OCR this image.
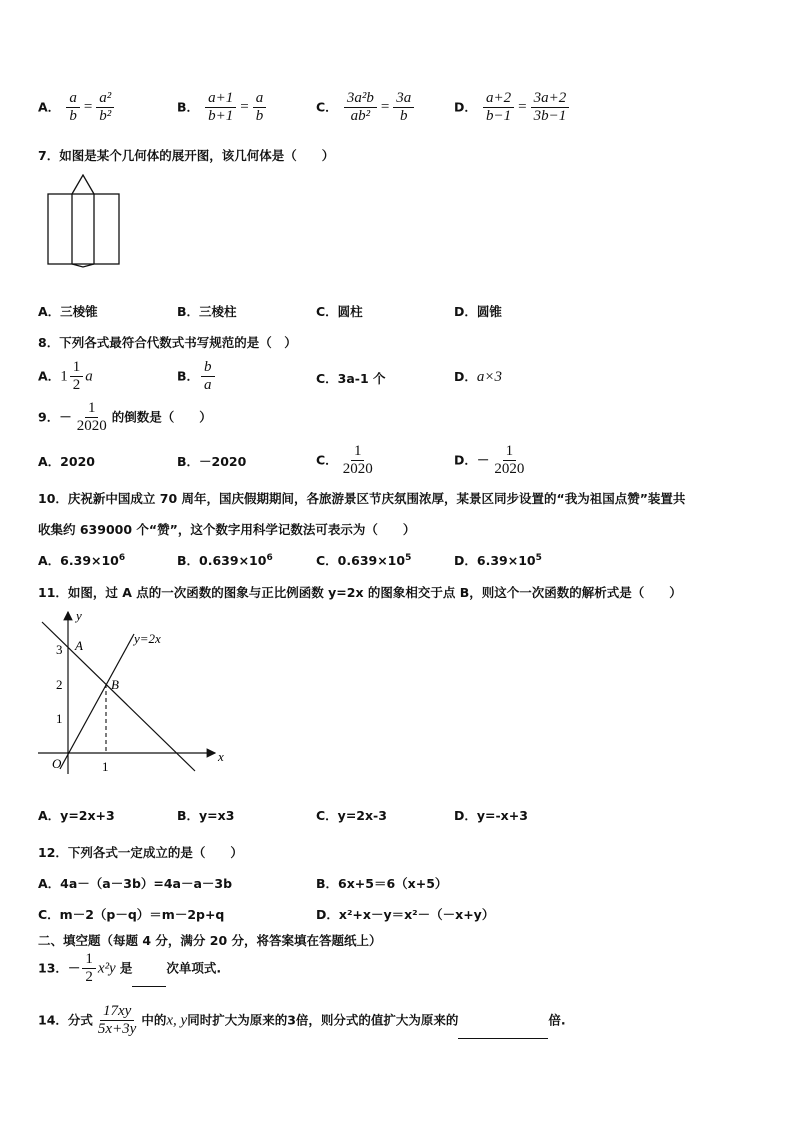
A． $\frac{a}{b} = \frac{\text{a²}}{\text{b²}}$	B． $\frac{a+1}{b+1} = \frac{a}{b}$	C． $\frac{\text{3a²b}}{\text{ab²}} = \frac{3a}{b}$	D． $\frac{a+2}{b-1} = \frac{3a+2}{3b-1}$
7．如图是某个几何体的展开图，该几何体是（　　）
A．三棱锥	B．三棱柱	C．圆柱	D．圆锥
8．下列各式最符合代数式书写规范的是（　）
A．$1 \frac{1}{2}$ a	B． $\frac{b}{a}$	C．3a-1 个	D．a×3
9．－ $\frac{1}{2020}$ 的倒数是（　　）
A．2020	B．－2020	C． $\frac{1}{2020}$	D．－ $\frac{1}{2020}$
10．庆祝新中国成立 70 周年，国庆假期期间，各旅游景区节庆氛围浓厚，某景区同步设置的“我为祖国点赞”装置共
收集约 639000 个“赞”，这个数字用科学记数法可表示为（　　）
A．$6.39\times 10^6$	B．$0.639\times 10^6$	C．$0.639\times 10^5$	D．$6.39\times 10^5$
11．如图，过 A 点的一次函数的图象与正比例函数 y=2x 的图象相交于点 B，则这个一次函数的解析式是（　　）
y
x
O
y=2x
A
B
3
2
1
1
A．y=2x+3	B．y=x3	C．y=2x-3	D．y=-x+3
12．下列各式一定成立的是（　　）
A．4a－（a－3b）=4a－a－3b	B．6x+5＝6（x+5）
C．m－2（p－q）＝m－2p+q	D．x²+x－y＝x²－（－x+y）
二、填空题（每题 4 分，满分 20 分，将答案填在答题纸上）
13．－ $\frac{1}{2} x^2y$ 是	次单项式.
14．分式 $\frac{17xy}{5x+3y}$ 中的x, y同时扩大为原来的3倍，则分式的值扩大为原来的	倍.
